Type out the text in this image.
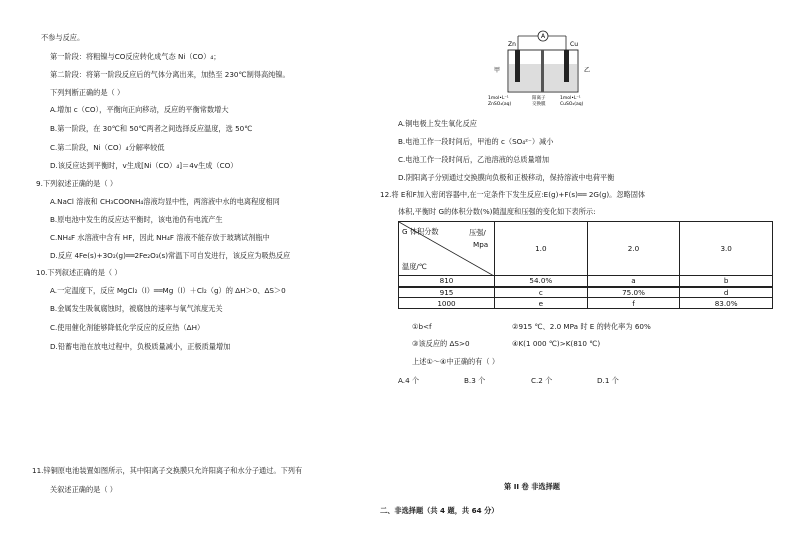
不参与反应。
第一阶段：将粗镍与CO反应转化成气态 Ni（CO）₄；
第二阶段：将第一阶段反应后的气体分离出来，加热至 230℃制得高纯镍。
下列判断正确的是（ ）
A.增加 c（CO），平衡向正向移动，反应的平衡常数增大
B.第一阶段，在 30℃和 50℃两者之间选择反应温度，选 50℃
C.第二阶段，Ni（CO）₄分解率较低
D.该反应达到平衡时，v生成[Ni（CO）₄]＝4v生成（CO）
9.下列叙述正确的是（ ）
A.NaCl 溶液和 CH₃COONH₄溶液均显中性，两溶液中水的电离程度相同
B.原电池中发生的反应达平衡时，该电池仍有电流产生
C.NH₄F 水溶液中含有 HF，因此 NH₄F 溶液不能存放于玻璃试剂瓶中
D.反应 4Fe(s)+3O₂(g)══2Fe₂O₃(s)常温下可自发进行，该反应为吸热反应
10.下列叙述正确的是（ ）
A.一定温度下，反应 MgCl₂（l）══Mg（l）＋Cl₂（g）的 ΔH＞0、ΔS＞0
B.金属发生吸氧腐蚀时，被腐蚀的速率与氧气浓度无关
C.使用催化剂能够降低化学反应的反应热（ΔH）
D.铅蓄电池在放电过程中，负极质量减小，正极质量增加
11.锌铜原电池装置如图所示，其中阳离子交换膜只允许阳离子和水分子通过。下列有
关叙述正确的是（ ）
A
Zn	Cu
甲	乙
1mol•L⁻¹
ZnSO₄(aq)
阳离子
交换膜
1mol•L⁻¹
CuSO₄(aq)
A.铜电极上发生氧化反应
B.电池工作一段时间后，甲池的 c（SO₄²⁻）减小
C.电池工作一段时间后，乙池溶液的总质量增加
D.阴阳离子分别通过交换膜向负极和正极移动，保持溶液中电荷平衡
12.将 E和F加入密闭容器中,在一定条件下发生反应:E(g)+F(s)══ 2G(g)。忽略固体
体积,平衡时 G的体积分数(%)随温度和压强的变化如下表所示:
G 体积分数 压强/
Mpa
温度/℃	1.0	2.0	3.0
810	54.0%	a	b
915	c	75.0%	d
1000	e	f	83.0%
①b<f	②915 ℃、2.0 MPa 时 E 的转化率为 60%
③该反应的 ΔS>0	④K(1 000 ℃)>K(810 ℃)
上述①～④中正确的有（ ）
A.4 个	B.3 个	C.2 个	D.1 个
第 II 卷 非选择题
二、非选择题（共 4 题，共 64 分）
